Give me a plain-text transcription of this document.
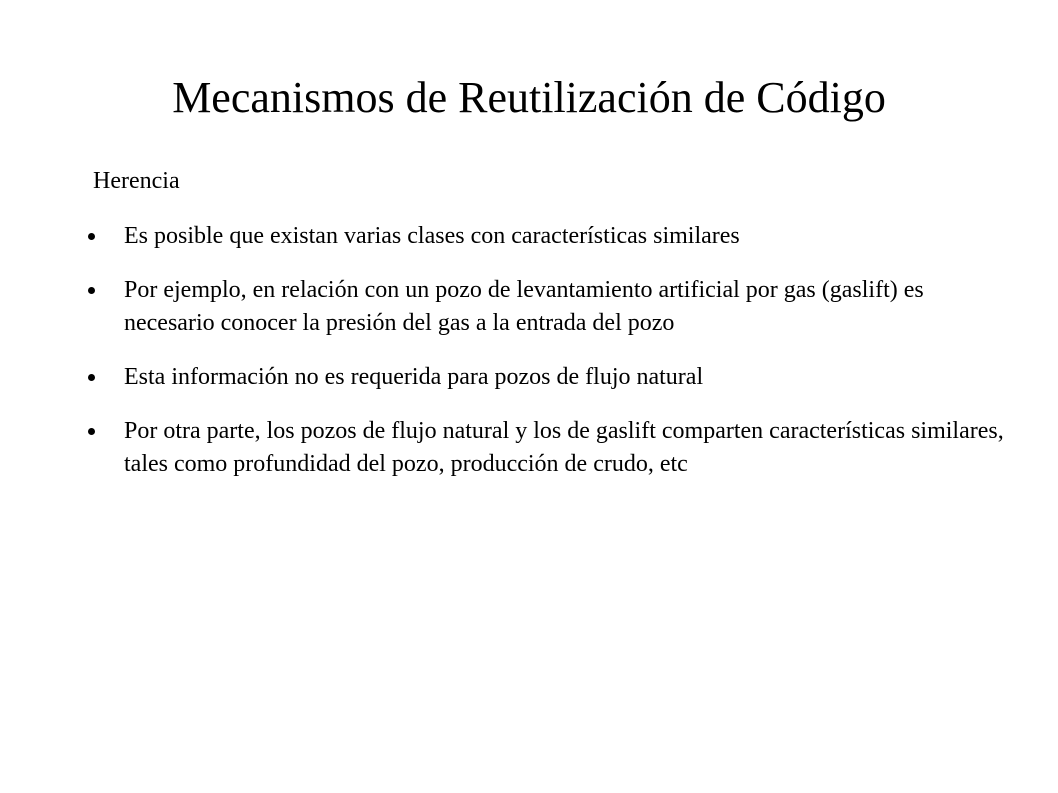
Mecanismos de Reutilización de Código
Herencia
Es posible que existan varias clases con características similares
Por ejemplo, en relación con un pozo de levantamiento artificial por gas (gaslift) es necesario conocer la presión del gas a la entrada del pozo
Esta información no es requerida para pozos de flujo natural
Por otra parte, los pozos de flujo natural y los de gaslift comparten características similares, tales como profundidad del pozo, producción de crudo, etc
